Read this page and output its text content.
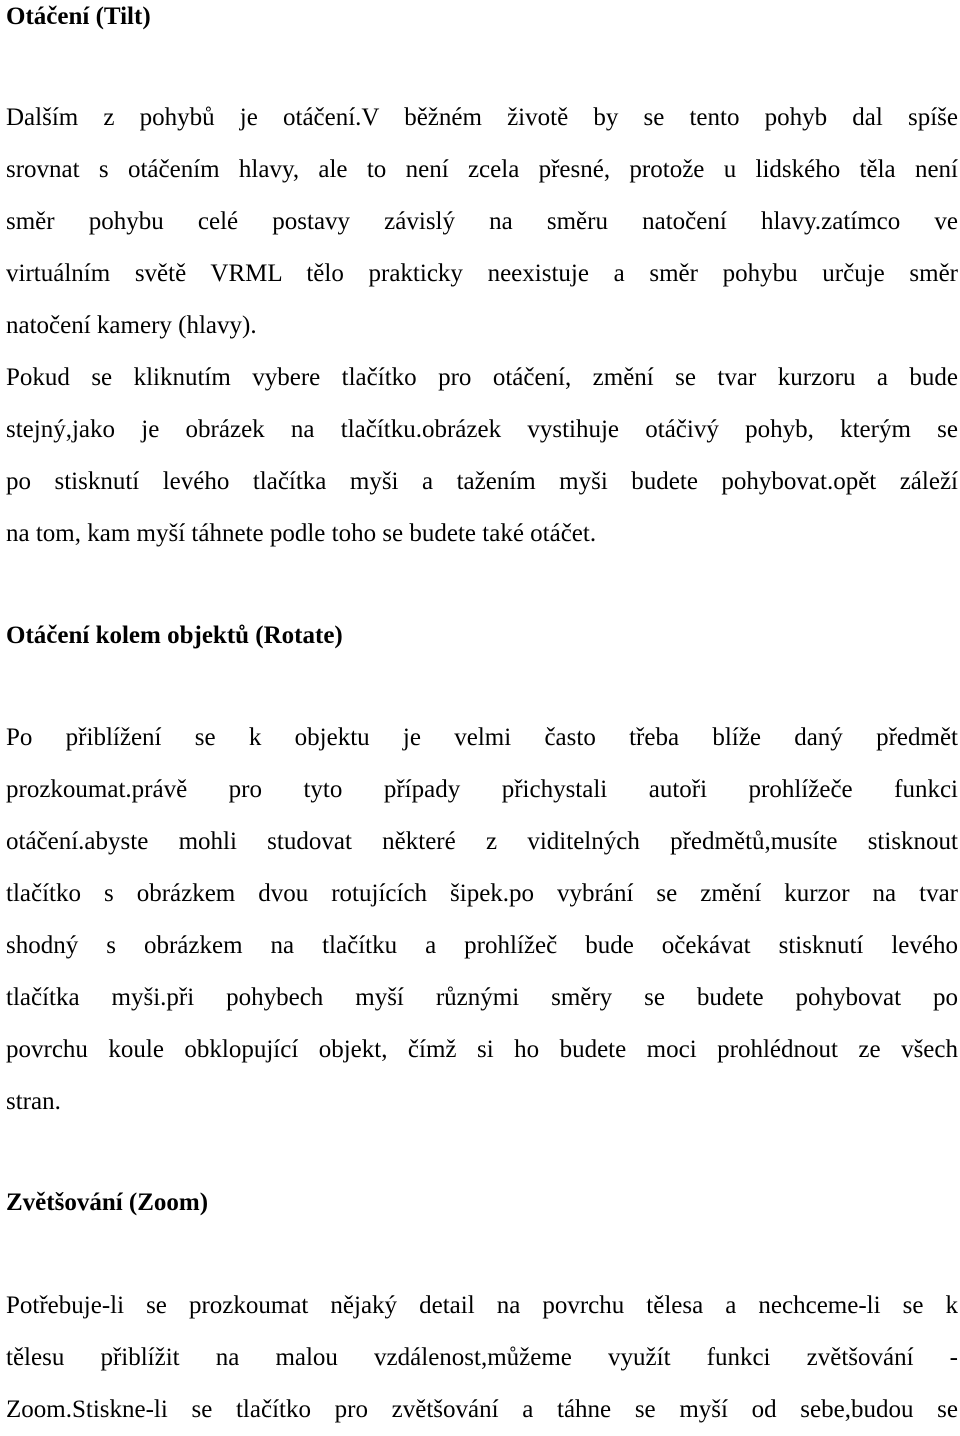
Otáčení (Tilt)
Dalším z pohybů je otáčení.V běžném životě by se tento pohyb dal spíše
srovnat s otáčením hlavy, ale to není zcela přesné, protože u lidského těla není
směr pohybu celé postavy závislý na směru natočení hlavy.zatímco ve
virtuálním světě VRML tělo prakticky neexistuje a směr pohybu určuje směr
natočení kamery (hlavy).
Pokud se kliknutím vybere tlačítko pro otáčení, změní se tvar kurzoru a bude
stejný,jako je obrázek na tlačítku.obrázek vystihuje otáčivý pohyb, kterým se
po stisknutí levého tlačítka myši a tažením myši budete pohybovat.opět záleží
na tom, kam myší táhnete podle toho se budete také otáčet.
Otáčení kolem objektů (Rotate)
Po přiblížení se k objektu je velmi často třeba blíže daný předmět
prozkoumat.právě pro tyto případy přichystali autoři prohlížeče funkci
otáčení.abyste mohli studovat některé z viditelných předmětů,musíte stisknout
tlačítko s obrázkem dvou rotujících šipek.po vybrání se změní kurzor na tvar
shodný s obrázkem na tlačítku a prohlížeč bude očekávat stisknutí levého
tlačítka myši.při pohybech myší různými směry se budete pohybovat po
povrchu koule obklopující objekt, čímž si ho budete moci prohlédnout ze všech
stran.
Zvětšování (Zoom)
Potřebuje-li se prozkoumat nějaký detail na povrchu tělesa a nechceme-li se k
tělesu přiblížit na malou vzdálenost,můžeme využít funkci zvětšování -
Zoom.Stiskne-li se tlačítko pro zvětšování a táhne se myší od sebe,budou se
